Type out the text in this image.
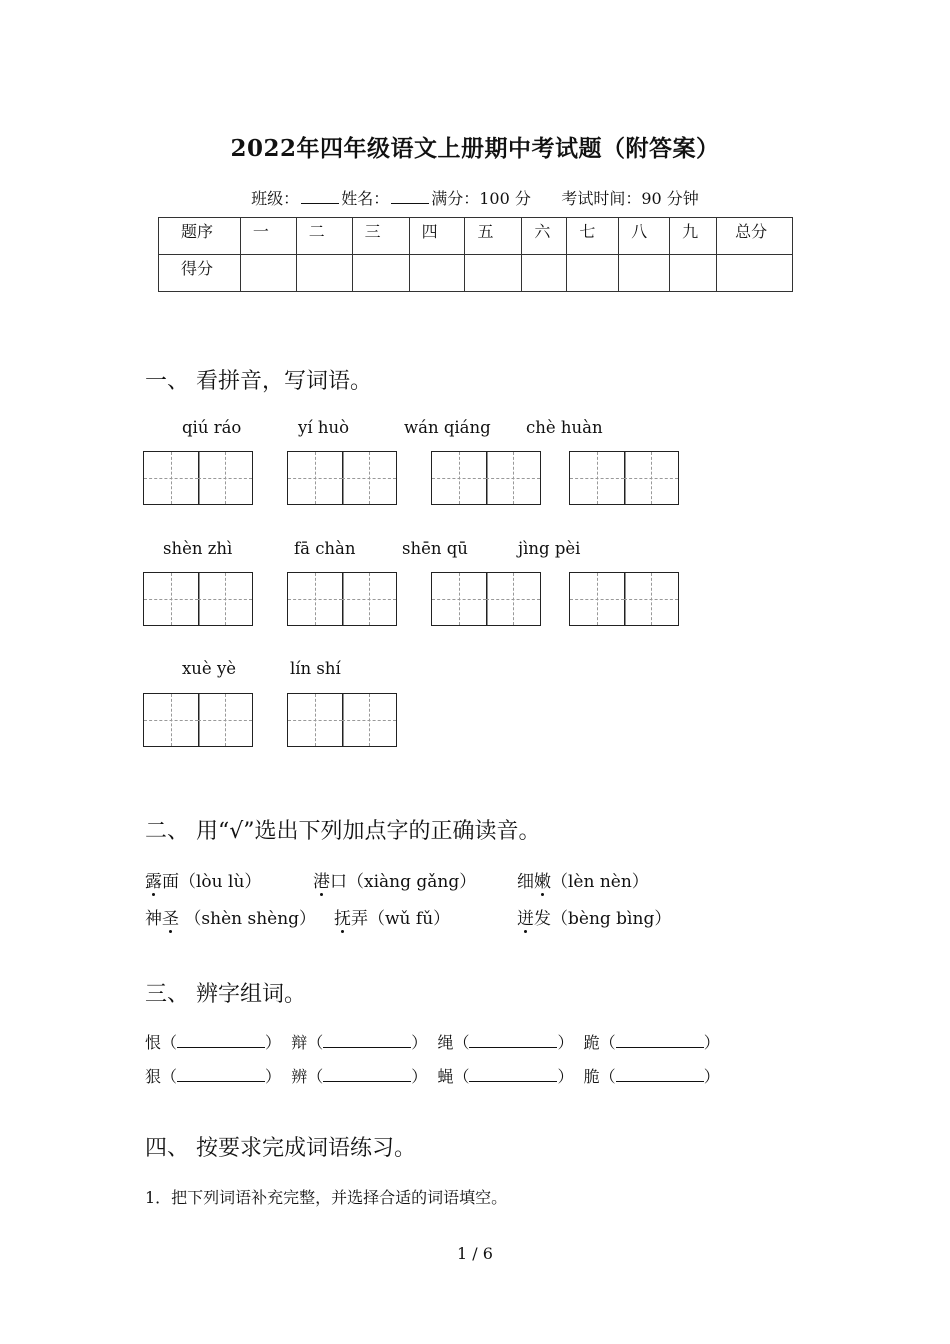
2022年四年级语文上册期中考试题（附答案）
班级：	姓名：	满分：100 分 考试时间：90 分钟
题序	一	二	三	四	五	六	七	八	九	总分
得分										
一、 看拼音，写词语。
qiú ráo	yí huò	wán qiáng chè huàn
shèn zhì	fā chàn	shēn qū	jìng pèi
xuè yè	lín shí
二、 用“√”选出下列加点字的正确读音。
露面（lòu lù）	港口（xiàng gǎng） 细嫩（lèn nèn）
神圣 （shèn shèng） 抚弄（wǔ fǔ）	迸发（bèng bìng）
三、 辨字组词。
恨（	） 辩（	） 绳（	） 跪（	）
狠（	） 辨（	） 蝇（	） 脆（	）
四、 按要求完成词语练习。
1．把下列词语补充完整，并选择合适的词语填空。
1 / 6
